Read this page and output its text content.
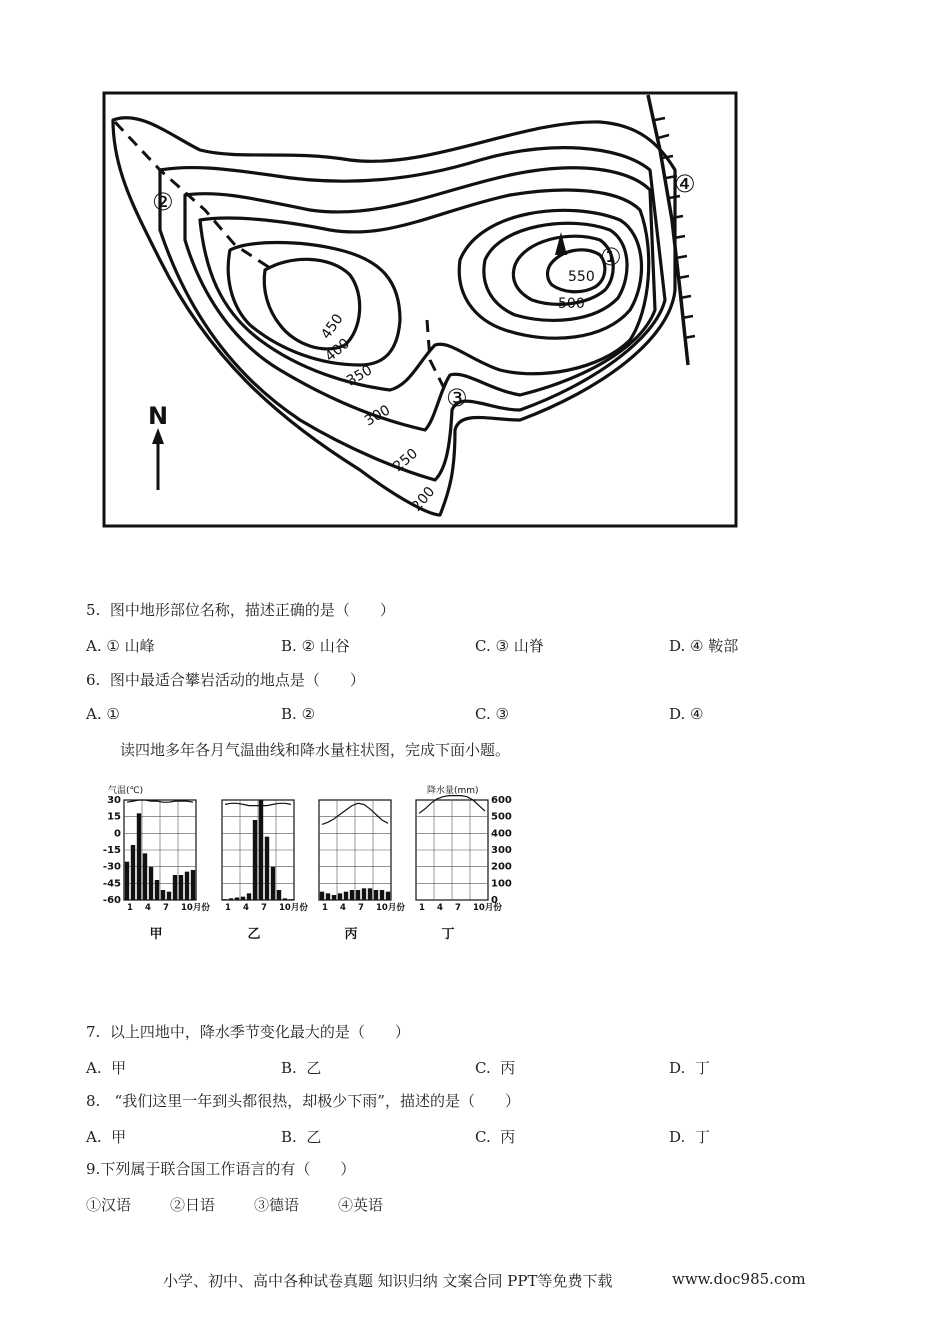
N
200
250
300
350
400
450
500
550
①
②
③
④
5. 图中地形部位名称，描述正确的是（　　）
A. ① 山峰	B. ② 山谷	C. ③ 山脊	D. ④ 鞍部
6. 图中最适合攀岩活动的地点是（　　）
A. ①	B. ②	C. ③	D. ④
读四地多年各月气温曲线和降水量柱状图，完成下面小题。
气温(℃)
30
15
0
-15
-30
-45
-60
降水量(mm)
600
500
400
300
200
100
0
1 4 7 10月份
甲
1 4 7 10月份
乙
1 4 7 10月份
丙
1 4 7 10月份
丁
7. 以上四地中，降水季节变化最大的是（　　）
A. 甲	B. 乙	C. 丙	D. 丁
8. “我们这里一年到头都很热，却极少下雨”，描述的是（　　）
A. 甲	B. 乙	C. 丙	D. 丁
9.下列属于联合国工作语言的有（　　）
①汉语	②日语	③德语	④英语
小学、初中、高中各种试卷真题 知识归纳 文案合同 PPT等免费下载	www.doc985.com
